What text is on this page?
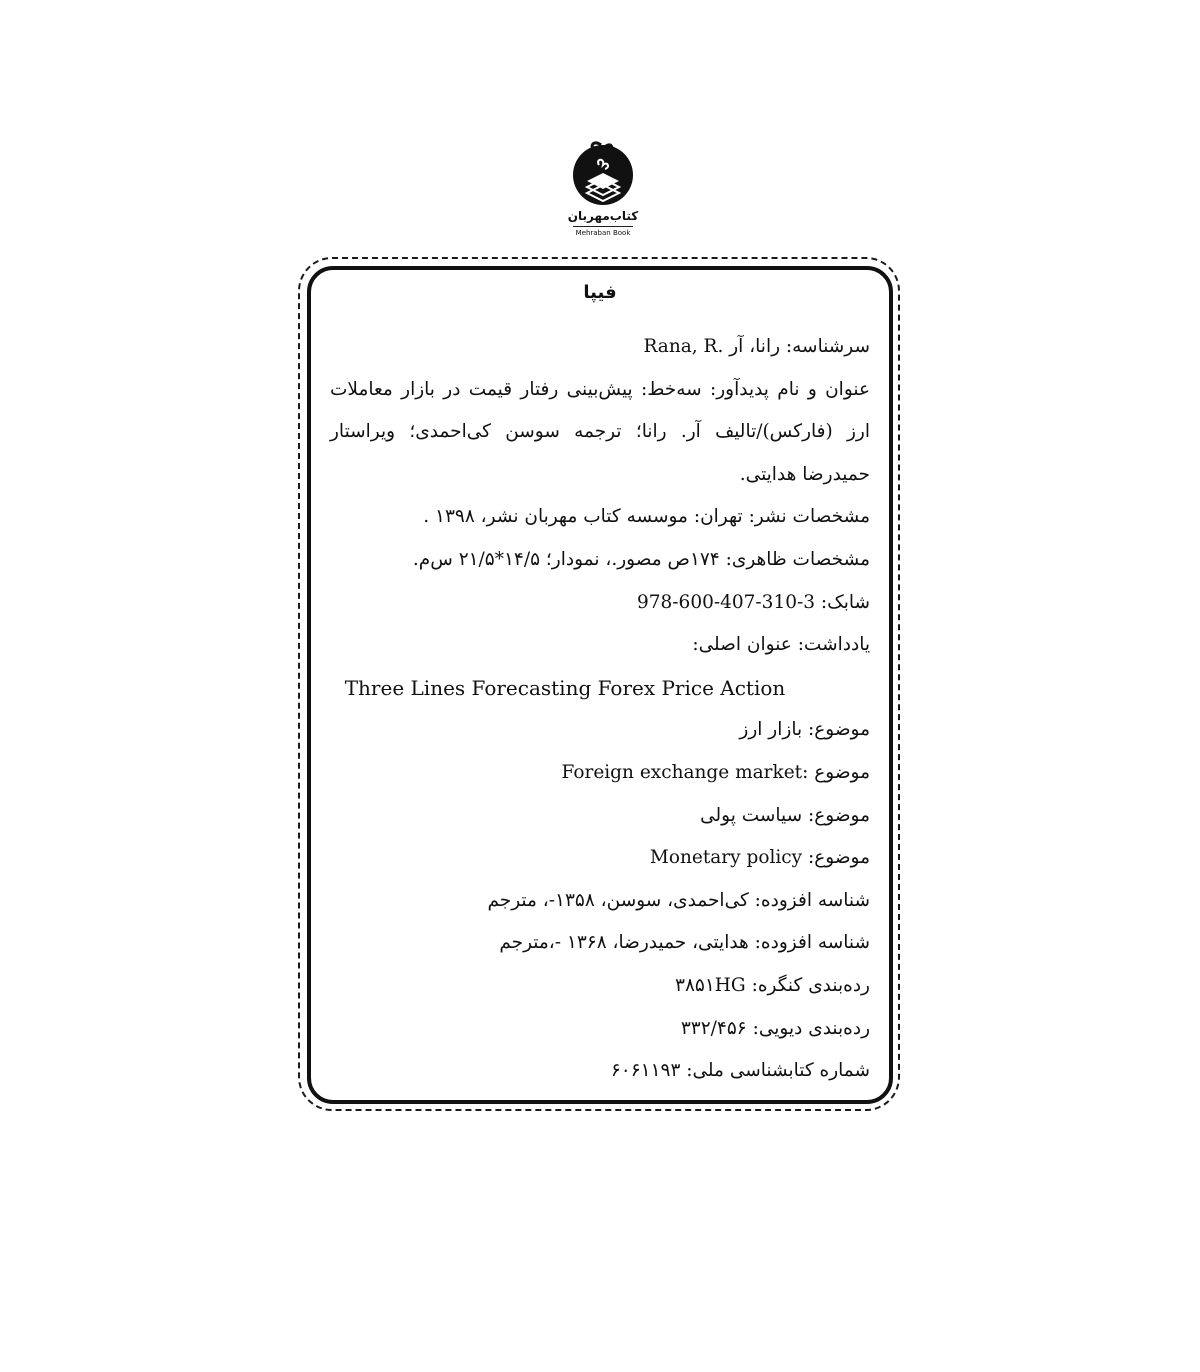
کتاب‌مهربان
Mehraban Book
فیپا
سرشناسه: رانا، آر .Rana, R
عنوان و نام پدیدآور: سه‌خط: پیش‌بینی رفتار قیمت در بازار معاملات ارز (فارکس)/تالیف آر. رانا؛ ترجمه سوسن کی‌احمدی؛ ویراستار حمیدرضا هدایتی.
مشخصات نشر: تهران: موسسه کتاب مهربان نشر، ۱۳۹۸ .
مشخصات ظاهری: ۱۷۴ص مصور.، نمودار؛ ۱۴/۵*۲۱/۵ س‌م.
شابک: 978-600-407-310-3
یادداشت: عنوان اصلی:
Three Lines Forecasting Forex Price Action
موضوع: بازار ارز
موضوع :Foreign exchange market
موضوع: سیاست پولی
موضوع: Monetary policy
شناسه افزوده: کی‌احمدی، سوسن، ۱۳۵۸-، مترجم
شناسه افزوده: هدایتی، حمیدرضا، ۱۳۶۸ -،مترجم
رده‌بندی کنگره: ۳۸۵۱HG
رده‌بندی دیویی: ۳۳۲/۴۵۶
شماره کتابشناسی ملی: ۶۰۶۱۱۹۳
